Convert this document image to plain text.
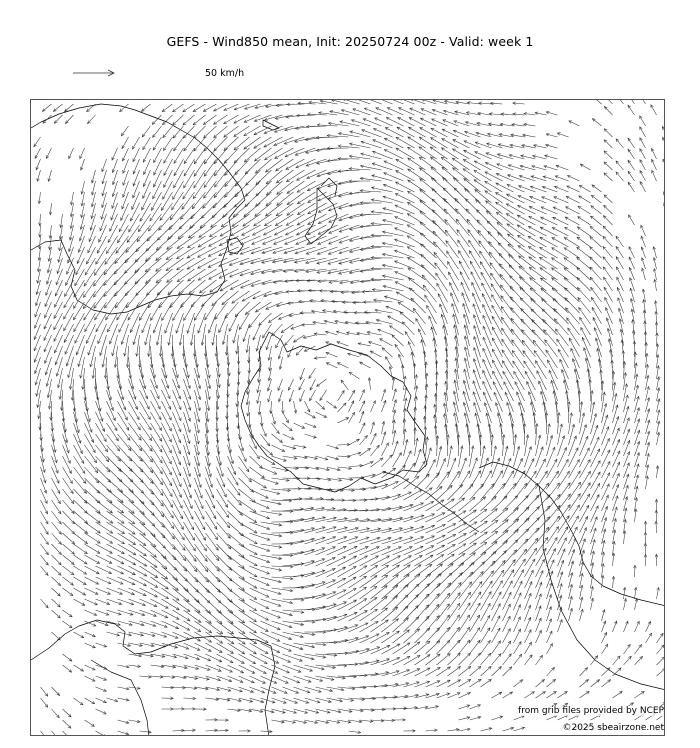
GEFS - Wind850 mean, Init: 20250724 00z - Valid: week 1
50 km/h
from grib files provided by NCEP
©2025 sbeairzone.net
